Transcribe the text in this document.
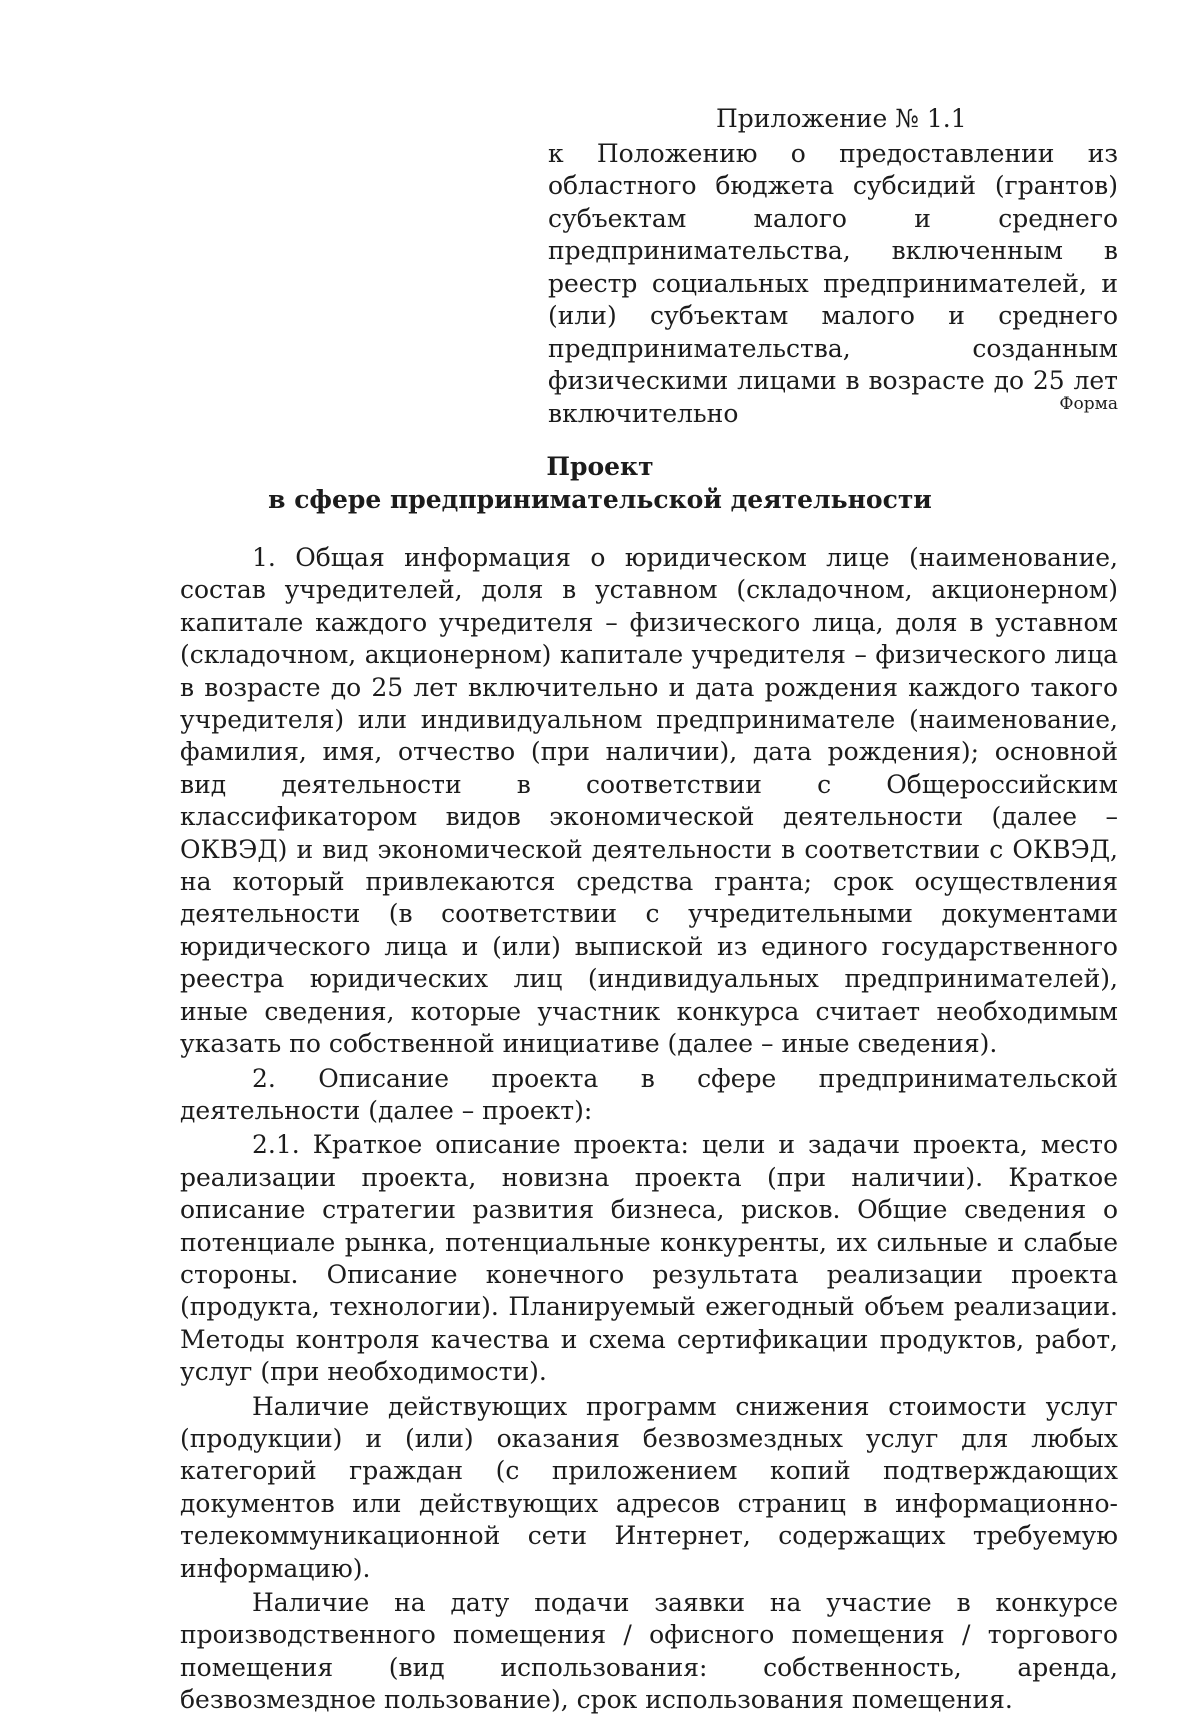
Приложение № 1.1
к Положению о предоставлении из областного бюджета субсидий (грантов) субъектам малого и среднего предпринимательства, включенным в реестр социальных предпринимателей, и (или) субъектам малого и среднего предпринимательства, созданным физическими лицами в возрасте до 25 лет включительно	Форма
Проект
в сфере предпринимательской деятельности

1. Общая информация о юридическом лице (наименование, состав учредителей, доля в уставном (складочном, акционерном) капитале каждого учредителя – физического лица, доля в уставном (складочном, акционерном) капитале учредителя – физического лица в возрасте до 25 лет включительно и дата рождения каждого такого учредителя) или индивидуальном предпринимателе (наименование, фамилия, имя, отчество (при наличии), дата рождения); основной вид деятельности в соответствии с Общероссийским классификатором видов экономической деятельности (далее – ОКВЭД) и вид экономической деятельности в соответствии с ОКВЭД, на который привлекаются средства гранта; срок осуществления деятельности (в соответствии с учредительными документами юридического лица и (или) выпиской из единого государственного реестра юридических лиц (индивидуальных предпринимателей), иные сведения, которые участник конкурса считает необходимым указать по собственной инициативе (далее – иные сведения).

2. Описание проекта в сфере предпринимательской деятельности (далее – проект):

2.1. Краткое описание проекта: цели и задачи проекта, место реализации проекта, новизна проекта (при наличии). Краткое описание стратегии развития бизнеса, рисков. Общие сведения о потенциале рынка, потенциальные конкуренты, их сильные и слабые стороны. Описание конечного результата реализации проекта (продукта, технологии). Планируемый ежегодный объем реализации. Методы контроля качества и схема сертификации продуктов, работ, услуг (при необходимости).

Наличие действующих программ снижения стоимости услуг (продукции) и (или) оказания безвозмездных услуг для любых категорий граждан (с приложением копий подтверждающих документов или действующих адресов страниц в информационно-телекоммуникационной сети Интернет, содержащих требуемую информацию).

Наличие на дату подачи заявки на участие в конкурсе производственного помещения / офисного помещения / торгового помещения (вид использования: собственность, аренда, безвозмездное пользование), срок использования помещения.
